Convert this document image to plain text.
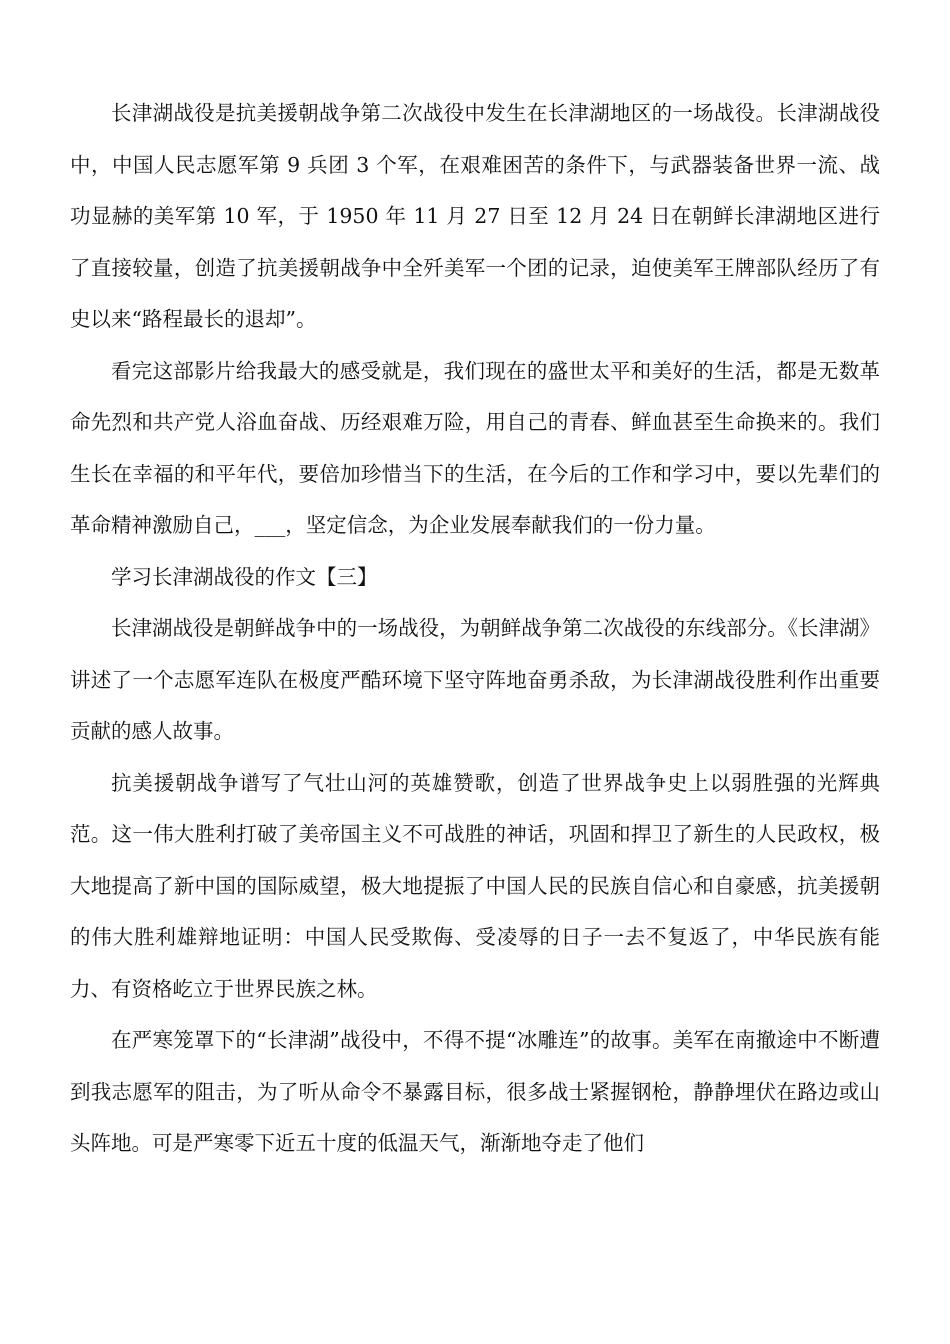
长津湖战役是抗美援朝战争第二次战役中发生在长津湖地区的一场战役。长津湖战役中，中国人民志愿军第 9 兵团 3 个军，在艰难困苦的条件下，与武器装备世界一流、战功显赫的美军第 10 军，于 1950 年 11 月 27 日至 12 月 24 日在朝鲜长津湖地区进行了直接较量，创造了抗美援朝战争中全歼美军一个团的记录，迫使美军王牌部队经历了有史以来“路程最长的退却”。

看完这部影片给我最大的感受就是，我们现在的盛世太平和美好的生活，都是无数革命先烈和共产党人浴血奋战、历经艰难万险，用自己的青春、鲜血甚至生命换来的。我们生长在幸福的和平年代，要倍加珍惜当下的生活，在今后的工作和学习中，要以先辈们的革命精神激励自己，___，坚定信念，为企业发展奉献我们的一份力量。

学习长津湖战役的作文【三】

长津湖战役是朝鲜战争中的一场战役，为朝鲜战争第二次战役的东线部分。《长津湖》讲述了一个志愿军连队在极度严酷环境下坚守阵地奋勇杀敌，为长津湖战役胜利作出重要贡献的感人故事。

抗美援朝战争谱写了气壮山河的英雄赞歌，创造了世界战争史上以弱胜强的光辉典范。这一伟大胜利打破了美帝国主义不可战胜的神话，巩固和捍卫了新生的人民政权，极大地提高了新中国的国际威望，极大地提振了中国人民的民族自信心和自豪感，抗美援朝的伟大胜利雄辩地证明：中国人民受欺侮、受凌辱的日子一去不复返了，中华民族有能力、有资格屹立于世界民族之林。

在严寒笼罩下的“长津湖”战役中，不得不提“冰雕连”的故事。美军在南撤途中不断遭到我志愿军的阻击，为了听从命令不暴露目标，很多战士紧握钢枪，静静埋伏在路边或山头阵地。可是严寒零下近五十度的低温天气，渐渐地夺走了他们
